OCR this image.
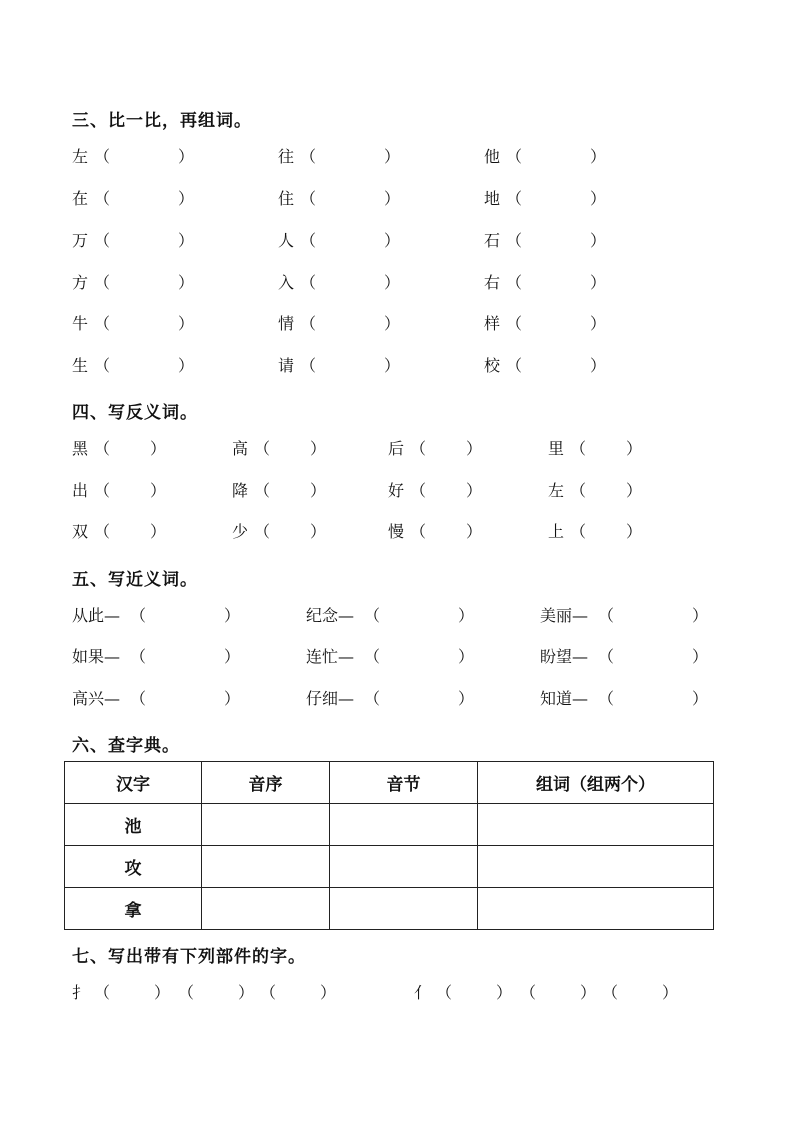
三、比一比，再组词。
左 （	）	往 （	）	他 （	）
在 （	）	住 （	）	地 （	）
万 （	）	人 （	）	石 （	）
方 （	）	入 （	）	右 （	）
牛 （	）	情 （	）	样 （	）
生 （	）	请 （	）	校 （	）
四、写反义词。
黑 （ ）	高 （ ）	后 （ ）	里 （ ）
出 （ ）	降 （ ）	好 （ ）	左 （ ）
双 （ ）	少 （ ）	慢 （ ）	上 （ ）
五、写近义词。
从此— （	）	纪念— （	）	美丽— （	）
如果— （	）	连忙— （	）	盼望— （	）
高兴— （	）	仔细— （	）	知道— （	）
六、查字典。
汉字	音序	音节	组词（组两个）
池			
攻			
拿			
七、写出带有下列部件的字。
扌 （	） （	） （	）	亻 （	） （	） （	）
